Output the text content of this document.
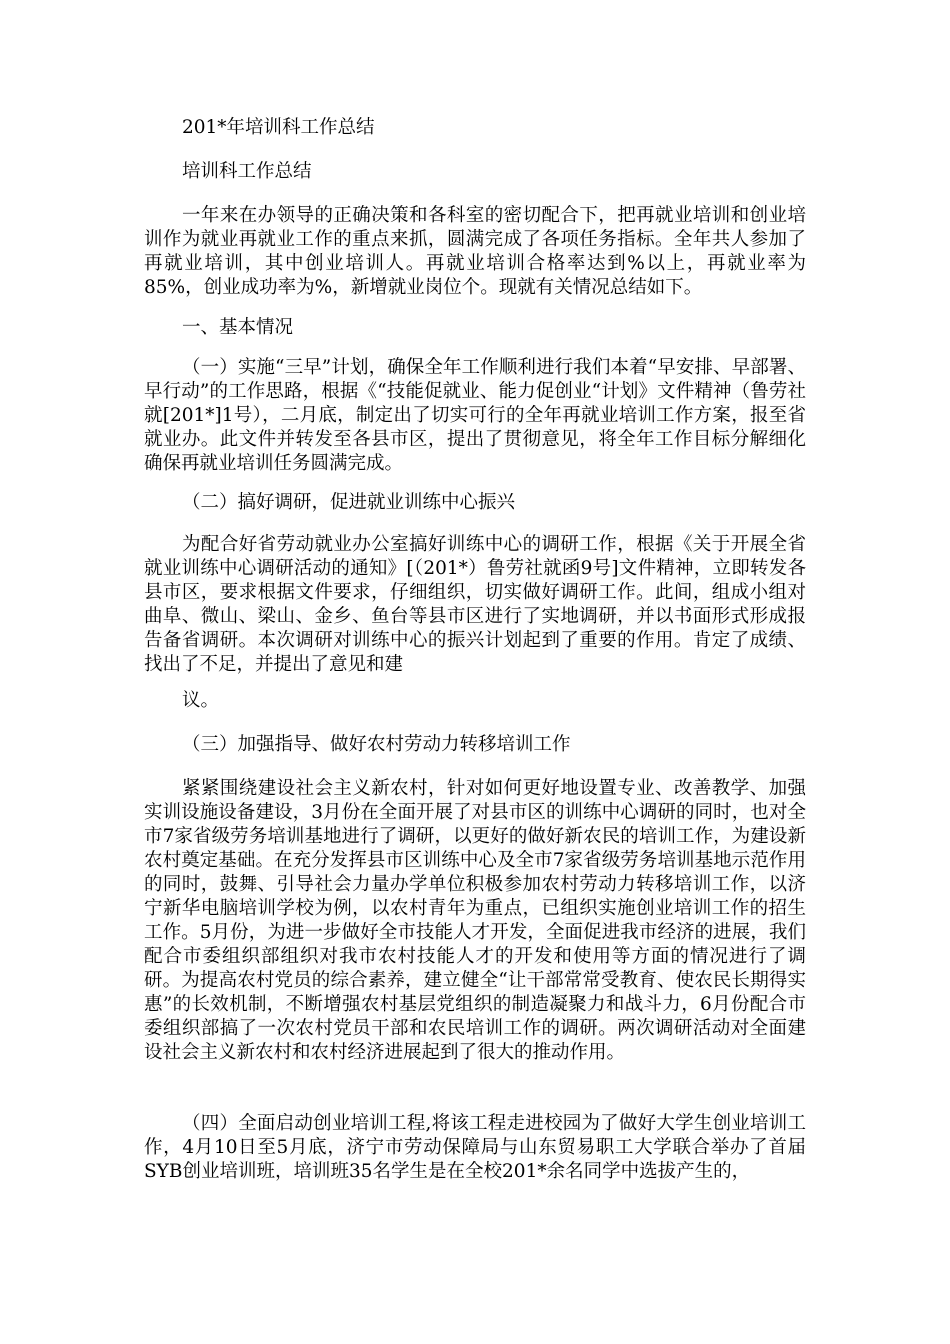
201*年培训科工作总结
培训科工作总结

一年来在办领导的正确决策和各科室的密切配合下，把再就业培训和创业培训作为就业再就业工作的重点来抓，圆满完成了各项任务指标。全年共人参加了再就业培训，其中创业培训人。再就业培训合格率达到%以上，再就业率为85%，创业成功率为%，新增就业岗位个。现就有关情况总结如下。

一、基本情况

（一）实施“三早”计划，确保全年工作顺利进行我们本着“早安排、早部署、早行动”的工作思路，根据《“技能促就业、能力促创业“计划》文件精神（鲁劳社就[201*]1号），二月底，制定出了切实可行的全年再就业培训工作方案，报至省就业办。此文件并转发至各县市区，提出了贯彻意见，将全年工作目标分解细化确保再就业培训任务圆满完成。

（二）搞好调研，促进就业训练中心振兴

为配合好省劳动就业办公室搞好训练中心的调研工作，根据《关于开展全省就业训练中心调研活动的通知》[（201*）鲁劳社就函9号]文件精神，立即转发各县市区，要求根据文件要求，仔细组织，切实做好调研工作。此间，组成小组对曲阜、微山、梁山、金乡、鱼台等县市区进行了实地调研，并以书面形式形成报告备省调研。本次调研对训练中心的振兴计划起到了重要的作用。肯定了成绩、找出了不足，并提出了意见和建

议。
（三）加强指导、做好农村劳动力转移培训工作

紧紧围绕建设社会主义新农村，针对如何更好地设置专业、改善教学、加强实训设施设备建设，3月份在全面开展了对县市区的训练中心调研的同时，也对全市7家省级劳务培训基地进行了调研，以更好的做好新农民的培训工作，为建设新农村奠定基础。在充分发挥县市区训练中心及全市7家省级劳务培训基地示范作用的同时，鼓舞、引导社会力量办学单位积极参加农村劳动力转移培训工作，以济宁新华电脑培训学校为例，以农村青年为重点，已组织实施创业培训工作的招生工作。5月份，为进一步做好全市技能人才开发，全面促进我市经济的进展，我们配合市委组织部组织对我市农村技能人才的开发和使用等方面的情况进行了调研。为提高农村党员的综合素养，建立健全“让干部常常受教育、使农民长期得实惠”的长效机制，不断增强农村基层党组织的制造凝聚力和战斗力，6月份配合市委组织部搞了一次农村党员干部和农民培训工作的调研。两次调研活动对全面建设社会主义新农村和农村经济进展起到了很大的推动作用。

（四）全面启动创业培训工程,将该工程走进校园为了做好大学生创业培训工作，4月10日至5月底，济宁市劳动保障局与山东贸易职工大学联合举办了首届SYB创业培训班，培训班35名学生是在全校201*余名同学中选拔产生的，
